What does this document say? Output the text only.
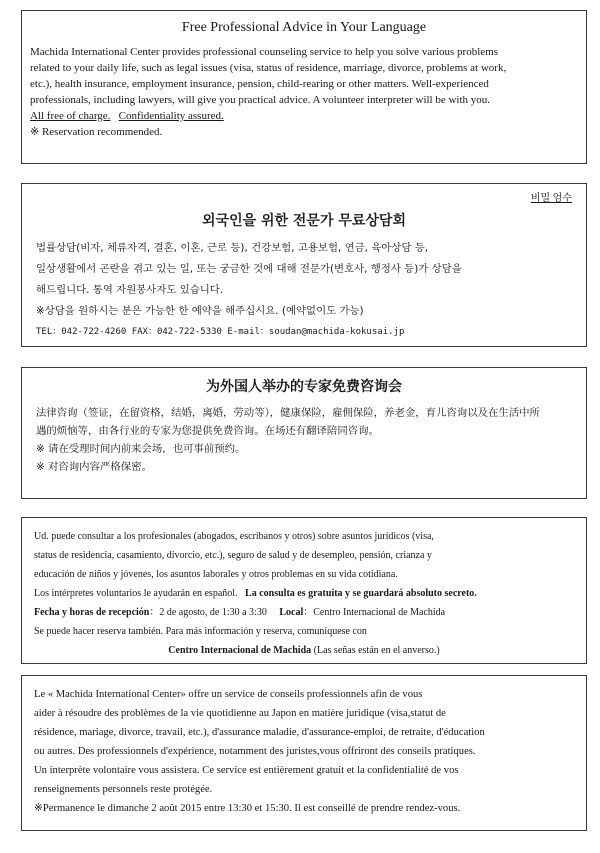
Free Professional Advice in Your Language
Machida International Center provides professional counseling service to help you solve various problems
related to your daily life, such as legal issues (visa, status of residence, marriage, divorce, problems at work,
etc.), health insurance, employment insurance, pension, child-rearing or other matters. Well-experienced
professionals, including lawyers, will give you practical advice. A volunteer interpreter will be with you.
All free of charge. Confidentiality assured.
※ Reservation recommended.
비밀 엄수
외국인을 위한 전문가 무료상담회
법률상담(비자, 체류자격, 결혼, 이혼, 근로 등), 건강보험, 고용보험, 연금, 육아상담 등,
일상생활에서 곤란을 겪고 있는 일, 또는 궁금한 것에 대해 전문가(변호사, 행정사 등)가 상담을
해드립니다. 통역 자원봉사자도 있습니다.
※상담을 원하시는 분은 가능한 한 예약을 해주십시요. (예약없이도 가능)
TEL：042-722-4260 FAX：042-722-5330 E-mail：soudan@machida-kokusai.jp
为外国人举办的专家免费咨询会
法律咨询（签证，在留资格，结婚，离婚，劳动等），健康保险，雇佣保险，养老金，育儿咨询以及在生活中所
遇的烦恼等，由各行业的专家为您提供免费咨询。在场还有翻译陪同咨询。
※ 请在受理时间内前来会场，也可事前预约。
※ 对咨询内容严格保密。
Ud. puede consultar a los profesionales (abogados, escribanos y otros) sobre asuntos jurídicos (visa,
status de residencia, casamiento, divorcio, etc.), seguro de salud y de desempleo, pensión, crianza y
educación de niños y jóvenes, los asuntos laborales y otros problemas en su vida cotidiana.
Los intérpretes voluntarios le ayudarán en español. La consulta es gratuita y se guardará absoluto secreto.
Fecha y horas de recepción：2 de agosto, de 1:30 a 3:30 Local：Centro Internacional de Machida
Se puede hacer reserva también. Para más información y reserva, comuníquese con
Centro Internacional de Machida (Las señas están en el anverso.)
Le « Machida International Center» offre un service de conseils professionnels afin de vous
aider à résoudre des problèmes de la vie quotidienne au Japon en matière juridique (visa,statut de
résidence, mariage, divorce, travail, etc.), d'assurance maladie, d'assurance-emploi, de retraite, d'éducation
ou autres. Des professionnels d'expérience, notamment des juristes,vous offriront des conseils pratiques.
Un interprète volontaire vous assistera. Ce service est entièrement gratuit et la confidentialité de vos
renseignements personnels reste protégée.
※Permanence le dimanche 2 août 2015 entre 13:30 et 15:30. Il est conseillé de prendre rendez-vous.
